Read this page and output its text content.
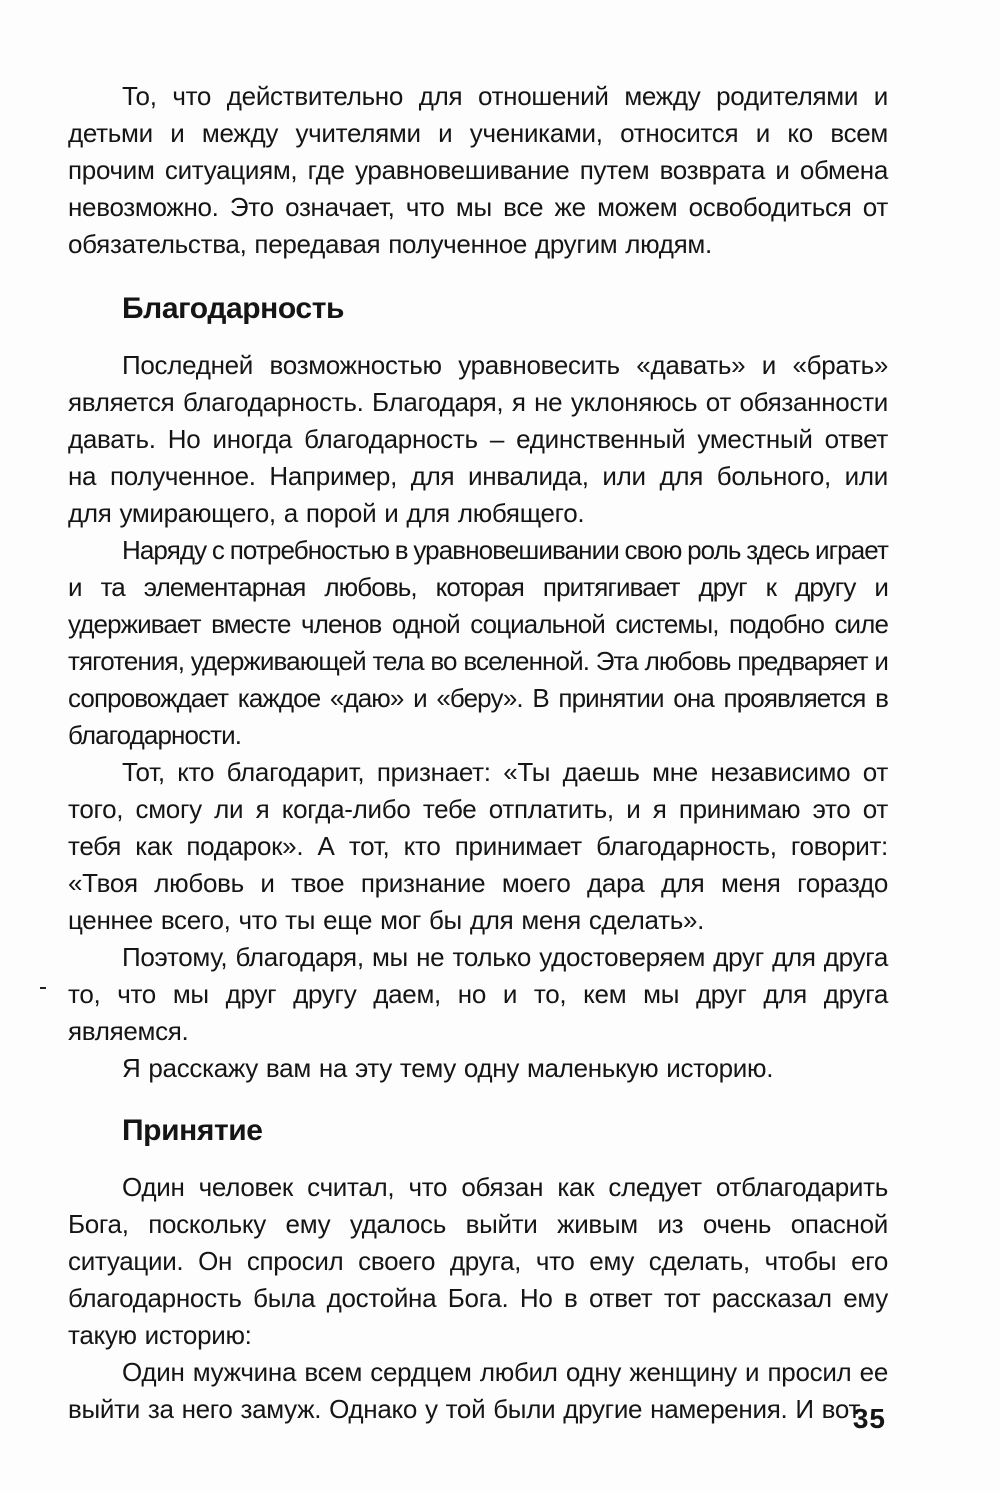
То, что действительно для отношений между родителями и детьми и между учителями и учениками, относится и ко всем прочим ситуациям, где уравновешивание путем возврата и обмена невозможно. Это означает, что мы все же можем освободиться от обязательства, передавая полученное другим людям.

Благодарность

Последней возможностью уравновесить «давать» и «брать» является благодарность. Благодаря, я не уклоняюсь от обязанности давать. Но иногда благодарность – единственный уместный ответ на полученное. Например, для инвалида, или для больного, или для умирающего, а порой и для любящего.

Наряду с потребностью в уравновешивании свою роль здесь играет и та элементарная любовь, которая притягивает друг к другу и удерживает вместе членов одной социальной системы, подобно силе тяготения, удерживающей тела во вселенной. Эта любовь предваряет и сопровождает каждое «даю» и «беру». В принятии она проявляется в благодарности.

Тот, кто благодарит, признает: «Ты даешь мне независимо от того, смогу ли я когда-либо тебе отплатить, и я принимаю это от тебя как подарок». А тот, кто принимает благодарность, говорит: «Твоя любовь и твое признание моего дара для меня гораздо ценнее всего, что ты еще мог бы для меня сделать».

Поэтому, благодаря, мы не только удостоверяем друг для друга то, что мы друг другу даем, но и то, кем мы друг для друга являемся.

Я расскажу вам на эту тему одну маленькую историю.

Принятие

Один человек считал, что обязан как следует отблагодарить Бога, поскольку ему удалось выйти живым из очень опасной ситуации. Он спросил своего друга, что ему сделать, чтобы его благодарность была достойна Бога. Но в ответ тот рассказал ему такую историю:

Один мужчина всем сердцем любил одну женщину и просил ее выйти за него замуж. Однако у той были другие намерения. И вот

35
